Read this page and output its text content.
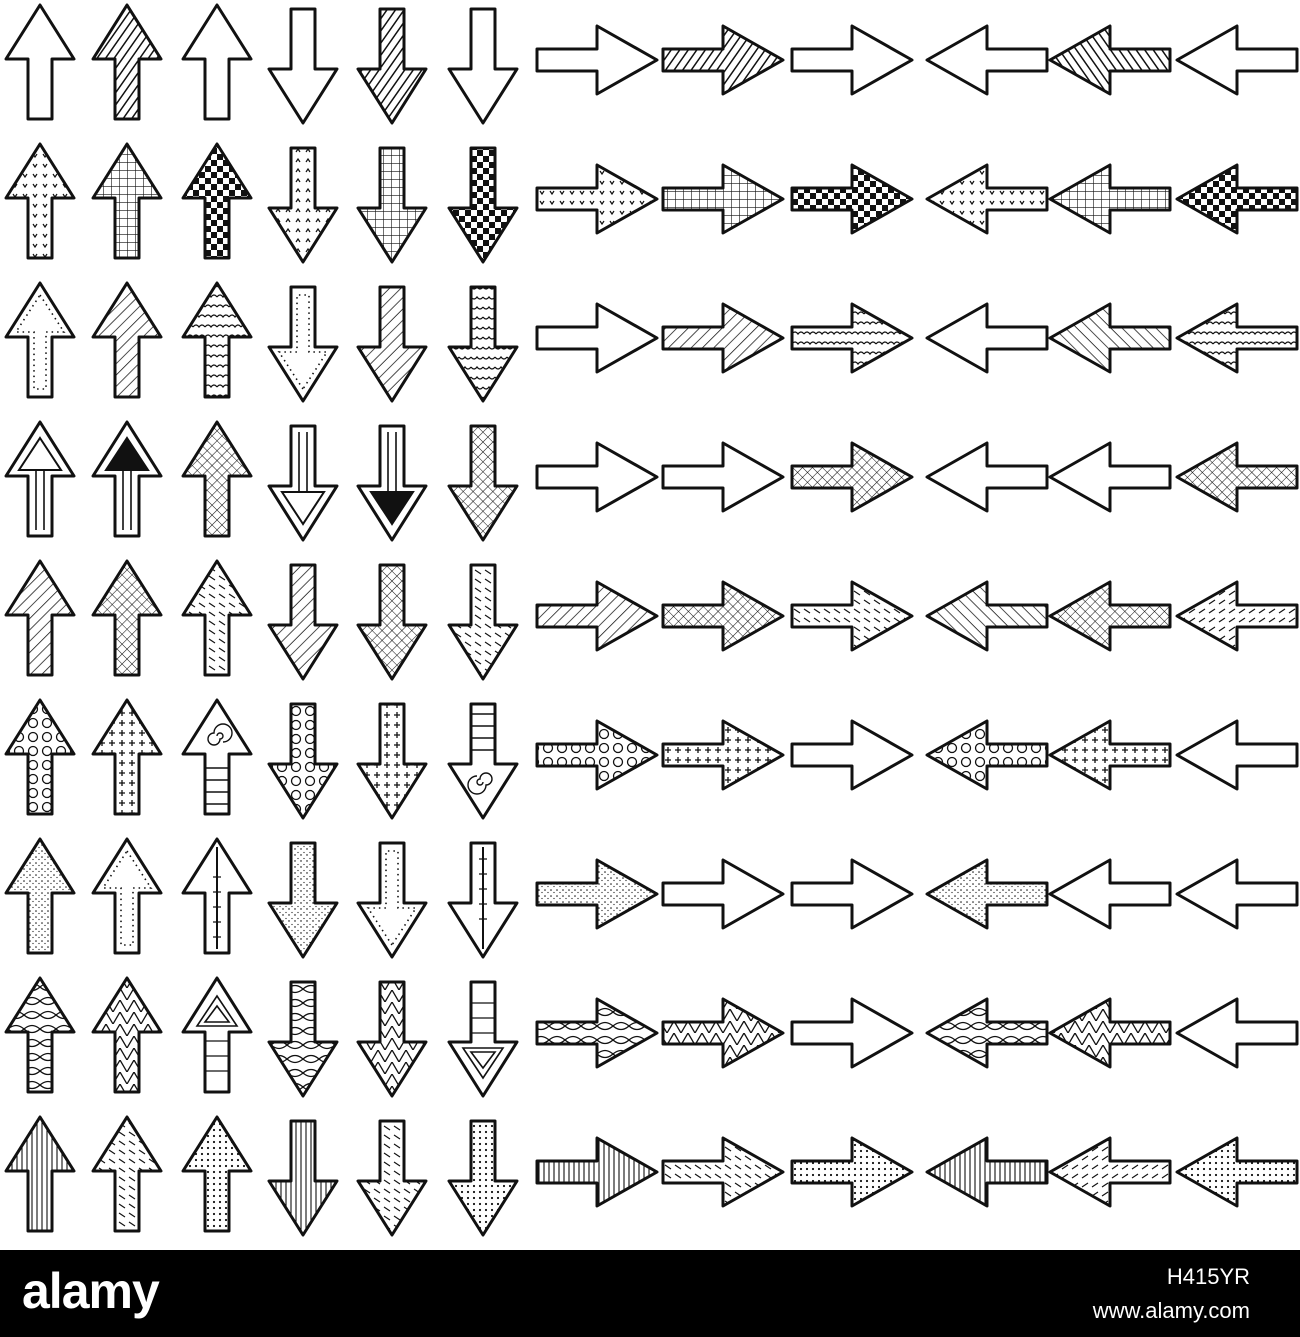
alamy	H415YR
www.alamy.com
